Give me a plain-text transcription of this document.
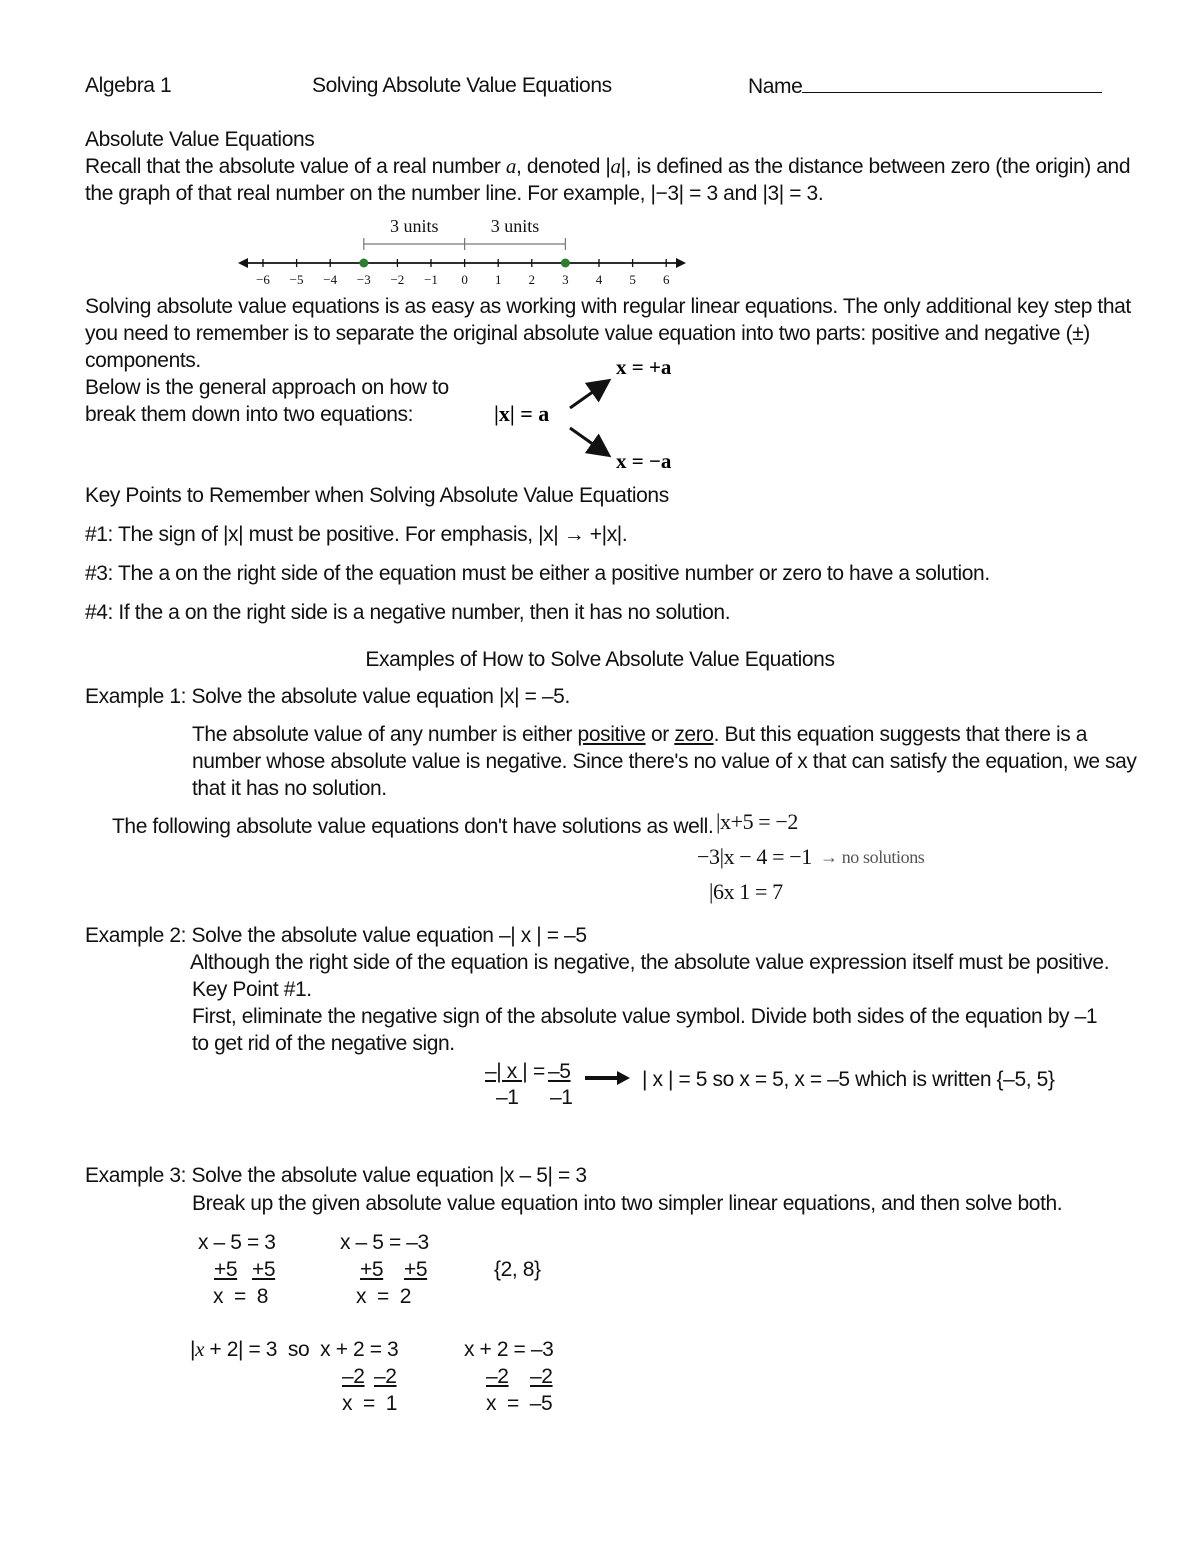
Algebra 1	Solving Absolute Value Equations	Name
Absolute Value Equations
Recall that the absolute value of a real number a, denoted |a|, is defined as the distance between zero (the origin) and
the graph of that real number on the number line. For example, |−3| = 3 and |3| = 3.
−6 −5 −4 −3 −2 −1 0 1 2 3 4 5 6
3 units	3 units
Solving absolute value equations is as easy as working with regular linear equations. The only additional key step that
you need to remember is to separate the original absolute value equation into two parts: positive and negative (±)
components.
Below is the general approach on how to
break them down into two equations:	|x| = a
x = +a
x = −a
Key Points to Remember when Solving Absolute Value Equations
#1: The sign of |x| must be positive. For emphasis, |x| → +|x|.
#3: The a on the right side of the equation must be either a positive number or zero to have a solution.
#4: If the a on the right side is a negative number, then it has no solution.
Examples of How to Solve Absolute Value Equations
Example 1: Solve the absolute value equation |x| = –5.
The absolute value of any number is either positive or zero. But this equation suggests that there is a
number whose absolute value is negative. Since there's no value of x that can satisfy the equation, we say
that it has no solution.
The following absolute value equations don't have solutions as well. |x+5 = −2
−3|x − 4 = −1 → no solutions
|6x 1 = 7
Example 2: Solve the absolute value equation –| x | = –5
Although the right side of the equation is negative, the absolute value expression itself must be positive.
Key Point #1.
First, eliminate the negative sign of the absolute value symbol. Divide both sides of the equation by –1
to get rid of the negative sign.
–| x | = –5
–1 –1
| x | = 5 so x = 5, x = –5 which is written {–5, 5}
Example 3: Solve the absolute value equation |x – 5| = 3
Break up the given absolute value equation into two simpler linear equations, and then solve both.
x – 5 = 3
+5 +5
x  =  8
x – 5 = –3
+5 +5
x  =  2
{2, 8}
|x + 2| = 3  so  x + 2 = 3
–2 –2
x  =  1
x + 2 = –3
–2 –2
x  =  –5
